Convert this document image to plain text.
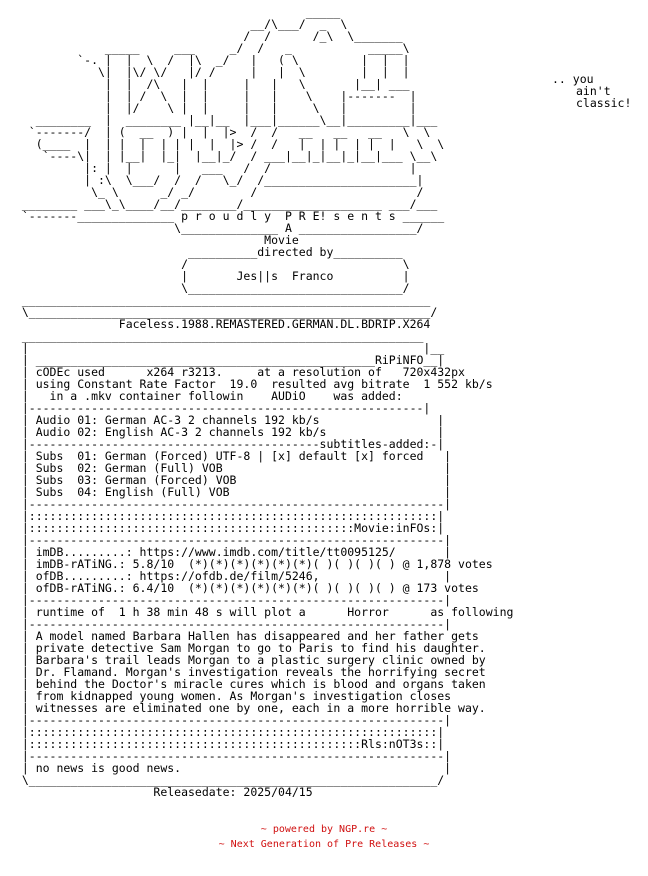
_____
__/\___/  _  \
/  /      /_\  \_______
_____     ___     _/  /   _           _____\
`-. |  |  \  /  |\  _/   |   ( \         |  |  |
\|  |\/ \/   |/ /     |   |  \        |  |  |
|  |  /\   |  |     |   |   \       |__| ___
|  | /  \  |  |     |   |    \    |-------  |
|  |/    \ |  |     |   |     \   |         |
________  |  ________ |__|__  |___|______\__|_________|___
`-------/  | (  __  ) |  |  |>  /  /   __   __   __   \  \
(____  |  | |  |  | | |  |  |> /  /   |  | |  | |  |   \  \
`----\|  | |__|  |_|  |__|_/  / ___|__|_|__|_|__|___ \__\
|: |  |      |   ___   /  /                    |
| :\  \___/  /  /   \_/  /______________________|
\_ \      _/ _/        /                       /
________ ___\_\____/__/________/____________________ ___/___
`-------______________ p r o u d l y  P R E! s e n t s ______
\______________ A _________________/
Movie
__________directed by__________
/                               \
|       Jes||s  Franco          |
\_______________________________/
___________________________________________________________
\__________________________________________________________/
Faceless.1988.REMASTERED.GERMAN.DL.BDRIP.X264
__________________________________________________________
|                                                         |__
| _________________________________________________RiPiNFO__|
| cODEc used      x264 r3213.     at a resolution of   720x432px
| using Constant Rate Factor  19.0  resulted avg bitrate  1 552 kb/s
|   in a .mkv container followin    AUDiO    was added:
|---------------------------------------------------------|
| Audio 01: German AC-3 2 channels 192 kb/s                 |
| Audio 02: English AC-3 2 channels 192 kb/s                |
|------------------------------------------subtitles-added:-|
| Subs  01: German (Forced) UTF-8 | [x] default [x] forced   |
| Subs  02: German (Full) VOB                                |
| Subs  03: German (Forced) VOB                              |
| Subs  04: English (Full) VOB                               |
|------------------------------------------------------------|
|:::::::::::::::::::::::::::::::::::::::::::::::::::::::::::|
|:::::::::::::::::::::::::::::::::::::::::::::::Movie:inFOs:|
|------------------------------------------------------------|
| imDB.........: https://www.imdb.com/title/tt0095125/       |
| imDB-rATiNG.: 5.8/10  (*)(*)(*)(*)(*)(*)( )( )( )( ) @ 1,878 votes
| ofDB.........: https://ofdb.de/film/5246,                  |
| ofDB-rATiNG.: 6.4/10  (*)(*)(*)(*)(*)(*)( )( )( )( ) @ 173 votes
|------------------------------------------------------------|
| runtime of  1 h 38 min 48 s will plot a      Horror      as following
|------------------------------------------------------------|
| A model named Barbara Hallen has disappeared and her father gets
| private detective Sam Morgan to go to Paris to find his daughter.
| Barbara's trail leads Morgan to a plastic surgery clinic owned by
| Dr. Flamand. Morgan's investigation reveals the horrifying secret
| behind the Doctor's miracle cures which is blood and organs taken
| from kidnapped young women. As Morgan's investigation closes
| witnesses are eliminated one by one, each in a more horrible way.
|------------------------------------------------------------|
|:::::::::::::::::::::::::::::::::::::::::::::::::::::::::::|
|::::::::::::::::::::::::::::::::::::::::::::::::Rls:nOT3s::|
|------------------------------------------------------------|
| no news is good news.                                      |
\___________________________________________________________/
Releasedate: 2025/04/15
.. you
ain't
classic!
~ powered by NGP.re ~
~ Next Generation of Pre Releases ~
